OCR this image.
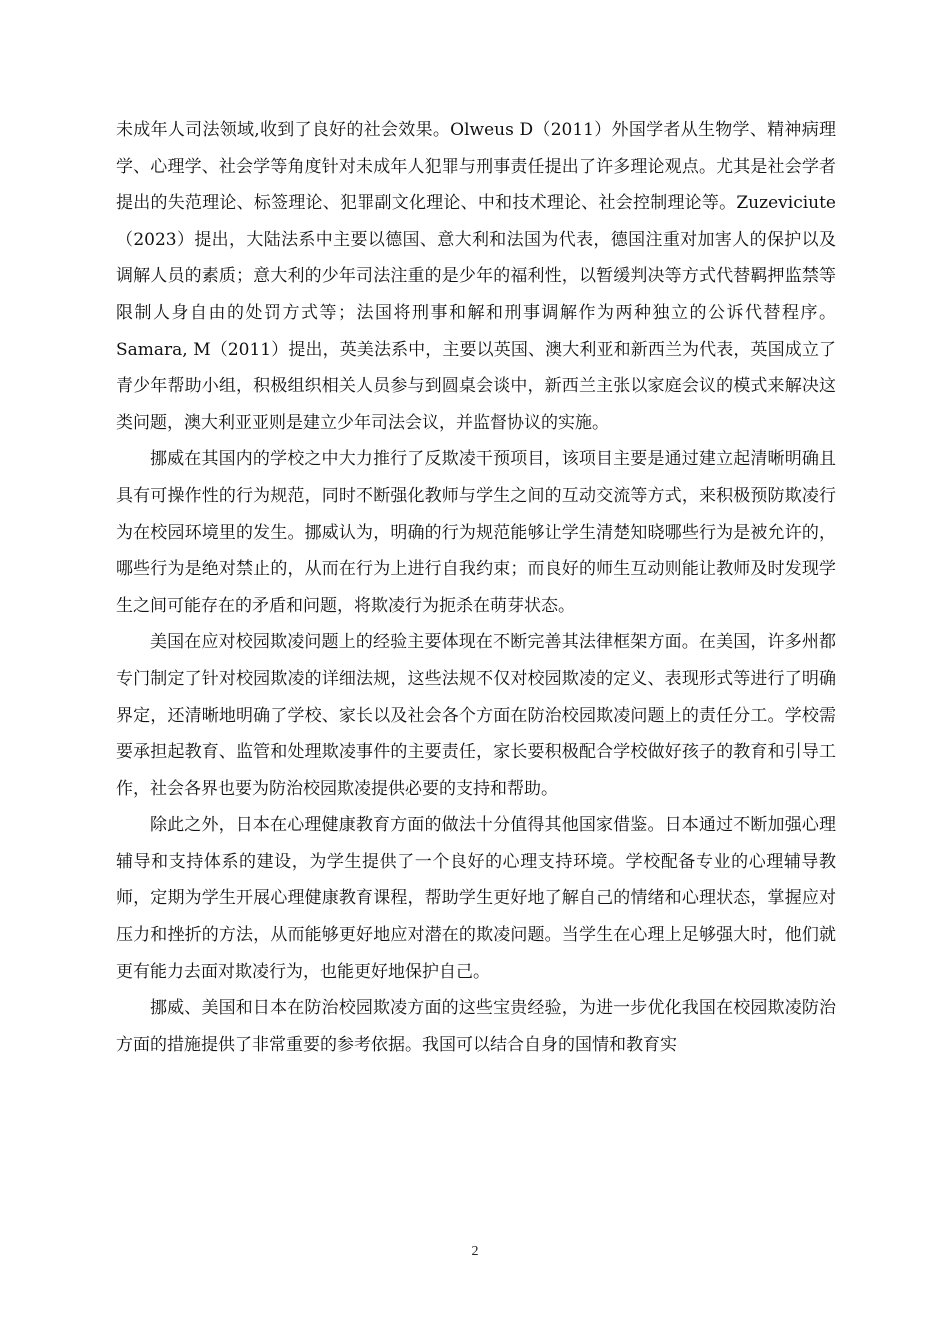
未成年人司法领域,收到了良好的社会效果。Olweus D（2011）外国学者从生物学、精神病理学、心理学、社会学等角度针对未成年人犯罪与刑事责任提出了许多理论观点。尤其是社会学者提出的失范理论、标签理论、犯罪副文化理论、中和技术理论、社会控制理论等。Zuzeviciute（2023）提出，大陆法系中主要以德国、意大利和法国为代表，德国注重对加害人的保护以及调解人员的素质；意大利的少年司法注重的是少年的福利性，以暂缓判决等方式代替羁押监禁等限制人身自由的处罚方式等；法国将刑事和解和刑事调解作为两种独立的公诉代替程序。Samara, M（2011）提出，英美法系中，主要以英国、澳大利亚和新西兰为代表，英国成立了青少年帮助小组，积极组织相关人员参与到圆桌会谈中，新西兰主张以家庭会议的模式来解决这类问题，澳大利亚亚则是建立少年司法会议，并监督协议的实施。

挪威在其国内的学校之中大力推行了反欺凌干预项目，该项目主要是通过建立起清晰明确且具有可操作性的行为规范，同时不断强化教师与学生之间的互动交流等方式，来积极预防欺凌行为在校园环境里的发生。挪威认为，明确的行为规范能够让学生清楚知晓哪些行为是被允许的，哪些行为是绝对禁止的，从而在行为上进行自我约束；而良好的师生互动则能让教师及时发现学生之间可能存在的矛盾和问题，将欺凌行为扼杀在萌芽状态。

美国在应对校园欺凌问题上的经验主要体现在不断完善其法律框架方面。在美国，许多州都专门制定了针对校园欺凌的详细法规，这些法规不仅对校园欺凌的定义、表现形式等进行了明确界定，还清晰地明确了学校、家长以及社会各个方面在防治校园欺凌问题上的责任分工。学校需要承担起教育、监管和处理欺凌事件的主要责任，家长要积极配合学校做好孩子的教育和引导工作，社会各界也要为防治校园欺凌提供必要的支持和帮助。

除此之外，日本在心理健康教育方面的做法十分值得其他国家借鉴。日本通过不断加强心理辅导和支持体系的建设，为学生提供了一个良好的心理支持环境。学校配备专业的心理辅导教师，定期为学生开展心理健康教育课程，帮助学生更好地了解自己的情绪和心理状态，掌握应对压力和挫折的方法，从而能够更好地应对潜在的欺凌问题。当学生在心理上足够强大时，他们就更有能力去面对欺凌行为，也能更好地保护自己。

挪威、美国和日本在防治校园欺凌方面的这些宝贵经验，为进一步优化我国在校园欺凌防治方面的措施提供了非常重要的参考依据。我国可以结合自身的国情和教育实

2
